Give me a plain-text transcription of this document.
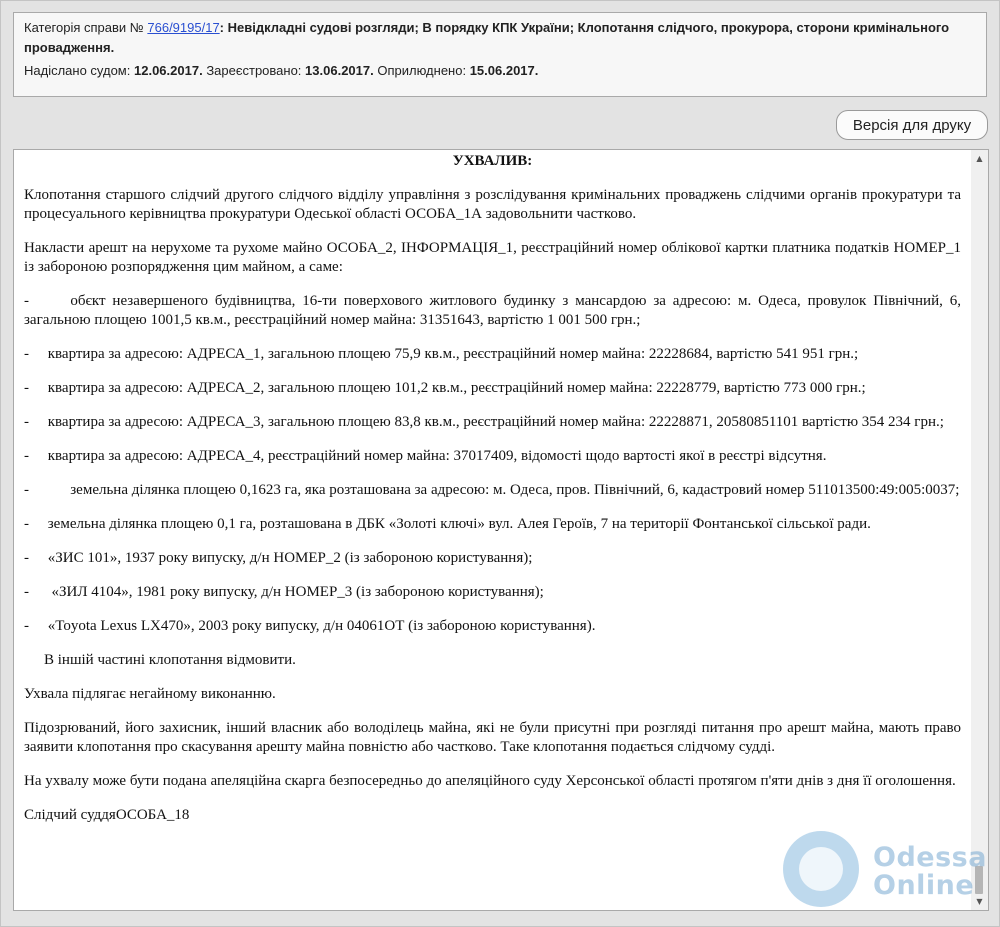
Категорія справи № 766/9195/17: Невідкладні судові розгляди; В порядку КПК України; Клопотання слідчого, прокурора, сторони кримінального провадження.
Надіслано судом: 12.06.2017. Зареєстровано: 13.06.2017. Оприлюднено: 15.06.2017.
Версія для друку

УХВАЛИВ:

Клопотання старшого слідчий другого слідчого відділу управління з розслідування кримінальних проваджень слідчими органів прокуратури та процесуального керівництва прокуратури Одеської області ОСОБА_1А задовольнити частково.

Накласти арешт на нерухоме та рухоме майно ОСОБА_2, ІНФОРМАЦІЯ_1, реєстраційний номер облікової картки платника податків НОМЕР_1 із забороною розпорядження цим майном, а саме:

-      обєкт незавершеного будівництва, 16-ти поверхового житлового будинку з мансардою за адресою: м. Одеса, провулок Північний, 6, загальною площею 1001,5 кв.м., реєстраційний номер майна: 31351643, вартістю 1 001 500 грн.;

-     квартира за адресою: АДРЕСА_1, загальною площею 75,9 кв.м., реєстраційний номер майна: 22228684, вартістю 541 951 грн.;

-     квартира за адресою: АДРЕСА_2, загальною площею 101,2 кв.м., реєстраційний номер майна: 22228779, вартістю 773 000 грн.;

-     квартира за адресою: АДРЕСА_3, загальною площею 83,8 кв.м., реєстраційний номер майна: 22228871, 20580851101 вартістю 354 234 грн.;

-     квартира за адресою: АДРЕСА_4, реєстраційний номер майна: 37017409, відомості щодо вартості якої в реєстрі відсутня.

-           земельна ділянка площею 0,1623 га, яка розташована за адресою: м. Одеса, пров. Північний, 6, кадастровий номер 511013500:49:005:0037;

-     земельна ділянка площею 0,1 га, розташована в ДБК «Золоті ключі» вул. Алея Героїв, 7 на території Фонтанської сільської ради.

-     «ЗИС 101», 1937 року випуску, д/н НОМЕР_2 (із забороною користування);

-      «ЗИЛ 4104», 1981 року випуску, д/н НОМЕР_3 (із забороною користування);

-     «Toyota Lexus LX470», 2003 року випуску, д/н 04061ОТ (із забороною користування).

В іншій частині клопотання відмовити.

Ухвала підлягає негайному виконанню.

Підозрюваний, його захисник, інший власник або володілець майна, які не були присутні при розгляді питання про арешт майна, мають право заявити клопотання про скасування арешту майна повністю або частково. Таке клопотання подається слідчому судді.

На ухвалу може бути подана апеляційна скарга безпосередньо до апеляційного суду Херсонської області протягом п'яти днів з дня її оголошення.

Слідчий суддяОСОБА_18

▲
▼
Odessa
Online
